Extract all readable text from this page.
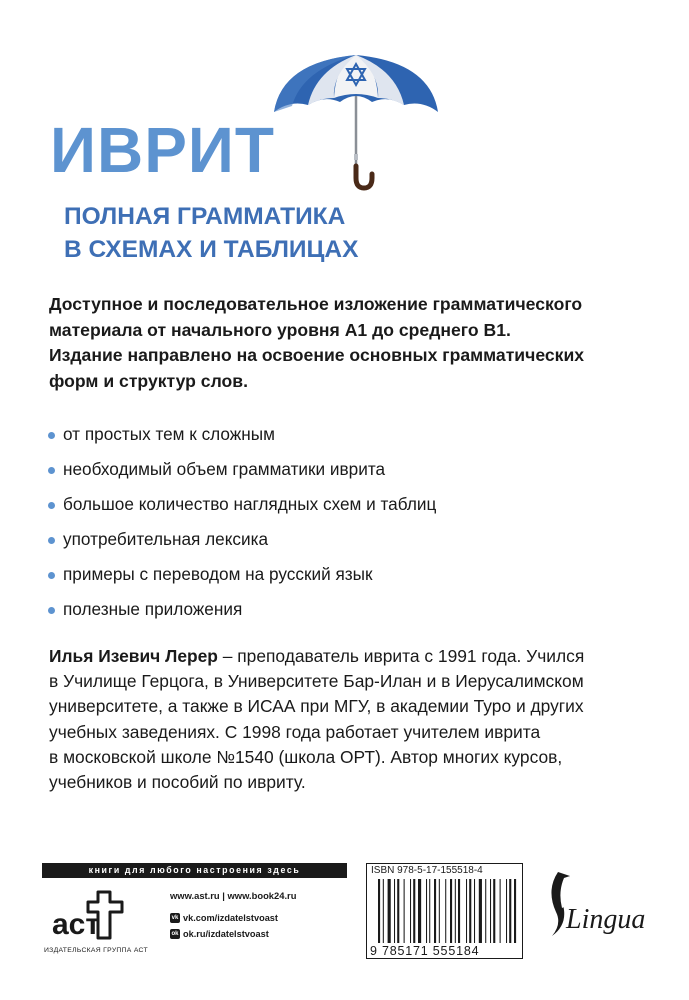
ИВРИТ
ПОЛНАЯ ГРАММАТИКА
В СХЕМАХ И ТАБЛИЦАХ
Доступное и последовательное изложение грамматического
материала от начального уровня А1 до среднего В1.
Издание направлено на освоение основных грамматических
форм и структур слов.
от простых тем к сложным
необходимый объем грамматики иврита
большое количество наглядных схем и таблиц
употребительная лексика
примеры с переводом на русский язык
полезные приложения
Илья Изевич Лерер – преподаватель иврита с 1991 года. Учился
в Училище Герцога, в Университете Бар-Илан и в Иерусалимском
университете, а также в ИСАА при МГУ, в академии Туро и других
учебных заведениях. С 1998 года работает учителем иврита
в московской школе №1540 (школа ОРТ). Автор многих курсов,
учебников и пособий по ивриту.
книги для любого настроения здесь
аст
ИЗДАТЕЛЬСКАЯ ГРУППА АСТ
www.ast.ru | www.book24.ru
vk vk.com/izdatelstvoast
ok ok.ru/izdatelstvoast
ISBN 978-5-17-155518-4
9 785171 555184
Lingua
